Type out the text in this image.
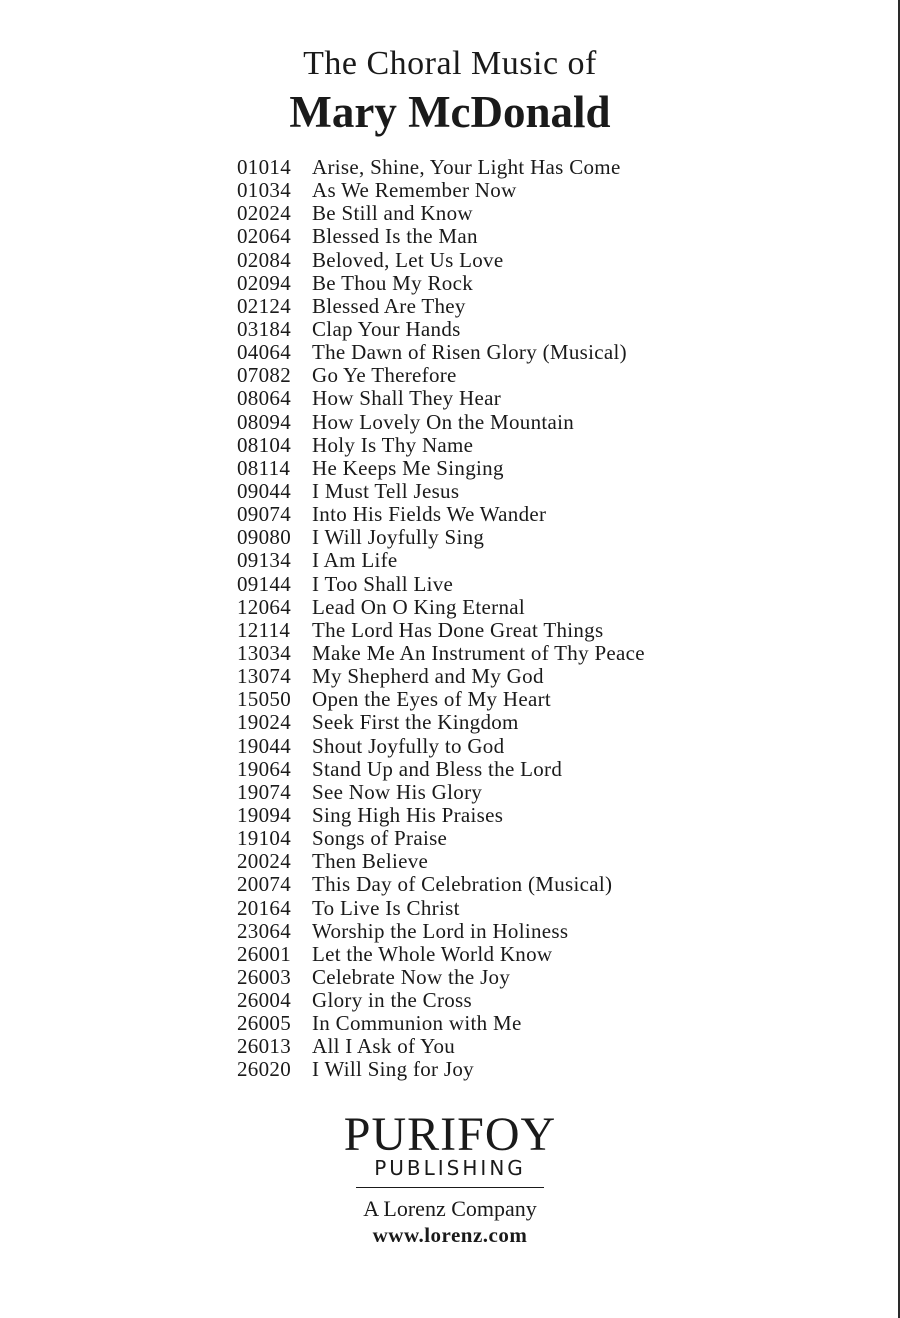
The Choral Music of
Mary McDonald
01014	Arise, Shine, Your Light Has Come
01034	As We Remember Now
02024	Be Still and Know
02064	Blessed Is the Man
02084	Beloved, Let Us Love
02094	Be Thou My Rock
02124	Blessed Are They
03184	Clap Your Hands
04064	The Dawn of Risen Glory (Musical)
07082	Go Ye Therefore
08064	How Shall They Hear
08094	How Lovely On the Mountain
08104	Holy Is Thy Name
08114	He Keeps Me Singing
09044	I Must Tell Jesus
09074	Into His Fields We Wander
09080	I Will Joyfully Sing
09134	I Am Life
09144	I Too Shall Live
12064	Lead On O King Eternal
12114	The Lord Has Done Great Things
13034	Make Me An Instrument of Thy Peace
13074	My Shepherd and My God
15050	Open the Eyes of My Heart
19024	Seek First the Kingdom
19044	Shout Joyfully to God
19064	Stand Up and Bless the Lord
19074	See Now His Glory
19094	Sing High His Praises
19104	Songs of Praise
20024	Then Believe
20074	This Day of Celebration (Musical)
20164	To Live Is Christ
23064	Worship the Lord in Holiness
26001	Let the Whole World Know
26003	Celebrate Now the Joy
26004	Glory in the Cross
26005	In Communion with Me
26013	All I Ask of You
26020	I Will Sing for Joy
PURIFOY
PUBLISHING
A Lorenz Company
www.lorenz.com
